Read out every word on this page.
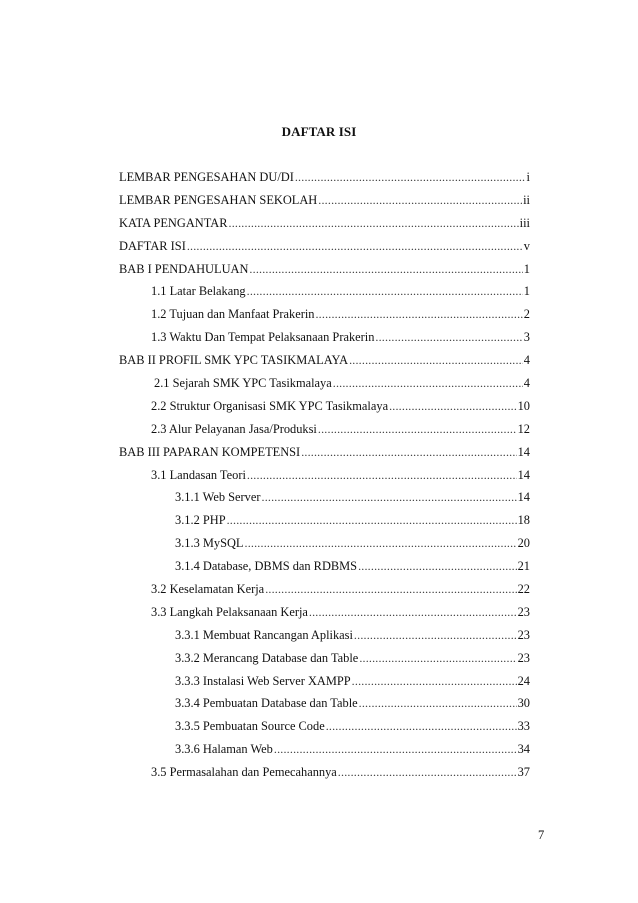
DAFTAR ISI
LEMBAR PENGESAHAN DU/DI .....	i
LEMBAR PENGESAHAN SEKOLAH .....	ii
KATA PENGANTAR .....	iii
DAFTAR ISI .....	v
BAB I PENDAHULUAN .....	1
1.1 Latar Belakang .....	1
1.2 Tujuan dan Manfaat Prakerin .....	2
1.3 Waktu Dan Tempat Pelaksanaan Prakerin .....	3
BAB II PROFIL SMK YPC TASIKMALAYA .....	4
2.1 Sejarah SMK YPC Tasikmalaya .....	4
2.2 Struktur Organisasi SMK YPC Tasikmalaya .....	10
2.3 Alur Pelayanan Jasa/Produksi .....	12
BAB III PAPARAN KOMPETENSI .....	14
3.1 Landasan Teori .....	14
3.1.1 Web Server .....	14
3.1.2 PHP .....	18
3.1.3 MySQL .....	20
3.1.4 Database, DBMS dan RDBMS .....	21
3.2 Keselamatan Kerja .....	22
3.3 Langkah Pelaksanaan Kerja .....	23
3.3.1 Membuat Rancangan Aplikasi .....	23
3.3.2 Merancang Database dan Table .....	23
3.3.3 Instalasi Web Server XAMPP .....	24
3.3.4 Pembuatan Database dan Table .....	30
3.3.5 Pembuatan Source Code .....	33
3.3.6 Halaman Web .....	34
3.5 Permasalahan dan Pemecahannya .....	37
7
